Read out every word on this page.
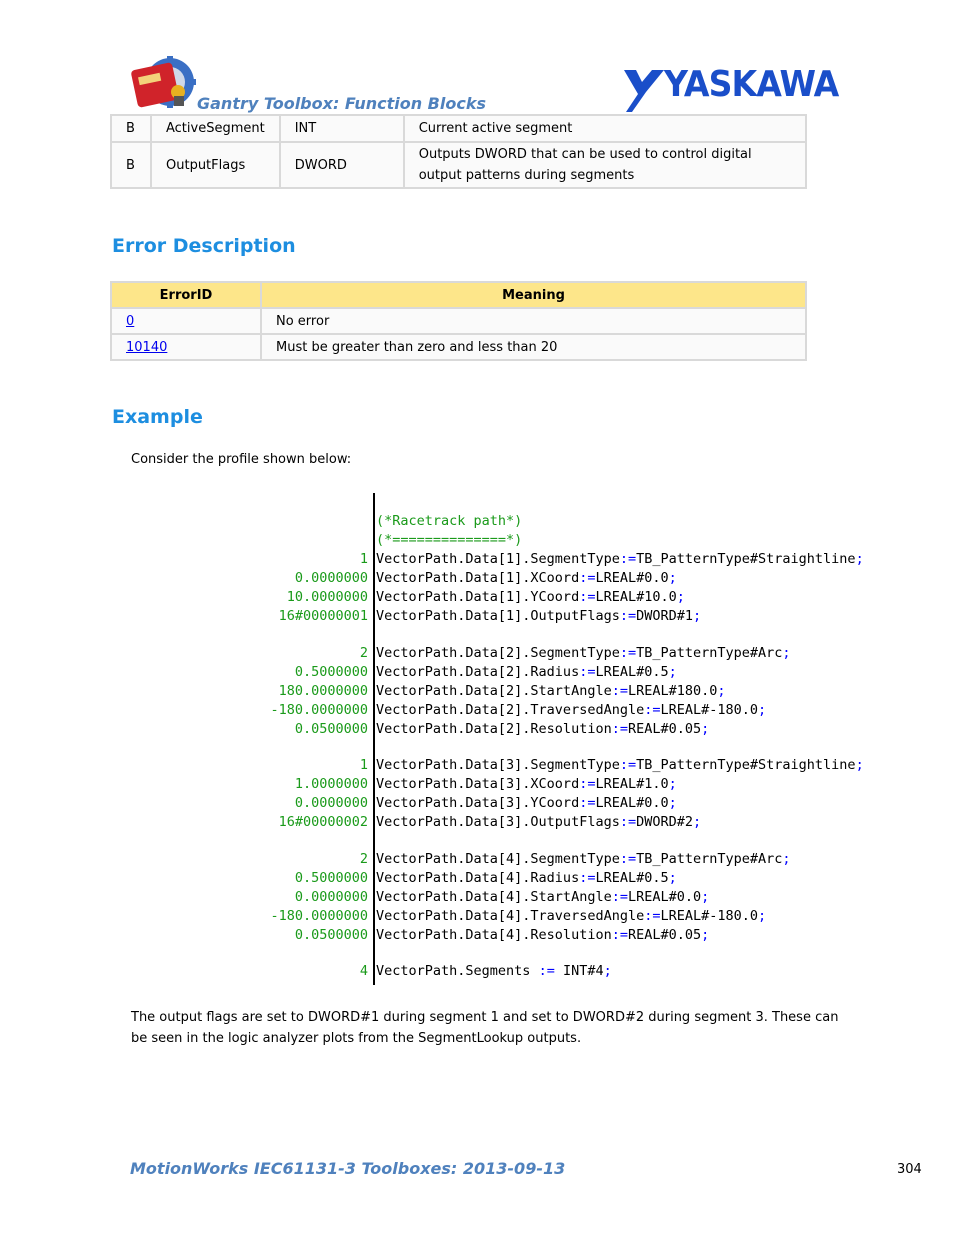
Gantry Toolbox: Function Blocks	YASKAWA
B	ActiveSegment	INT	Current active segment
B	OutputFlags	DWORD	Outputs DWORD that can be used to control digital output patterns during segments
Error Description
ErrorID	Meaning
0	No error
10140	Must be greater than zero and less than 20
Example
Consider the profile shown below:

(*Racetrack path*)

(*==============*)

1 VectorPath.Data[1].SegmentType:=TB_PatternType#Straightline;
0.0000000 VectorPath.Data[1].XCoord:=LREAL#0.0;
10.0000000 VectorPath.Data[1].YCoord:=LREAL#10.0;
16#00000001 VectorPath.Data[1].OutputFlags:=DWORD#1;
2 VectorPath.Data[2].SegmentType:=TB_PatternType#Arc;
0.5000000 VectorPath.Data[2].Radius:=LREAL#0.5;
180.0000000 VectorPath.Data[2].StartAngle:=LREAL#180.0;
-180.0000000 VectorPath.Data[2].TraversedAngle:=LREAL#-180.0;
0.0500000 VectorPath.Data[2].Resolution:=REAL#0.05;
1 VectorPath.Data[3].SegmentType:=TB_PatternType#Straightline;
1.0000000 VectorPath.Data[3].XCoord:=LREAL#1.0;
0.0000000 VectorPath.Data[3].YCoord:=LREAL#0.0;
16#00000002 VectorPath.Data[3].OutputFlags:=DWORD#2;
2 VectorPath.Data[4].SegmentType:=TB_PatternType#Arc;
0.5000000 VectorPath.Data[4].Radius:=LREAL#0.5;
0.0000000 VectorPath.Data[4].StartAngle:=LREAL#0.0;
-180.0000000 VectorPath.Data[4].TraversedAngle:=LREAL#-180.0;
0.0500000 VectorPath.Data[4].Resolution:=REAL#0.05;
4 VectorPath.Segments := INT#4;
The output flags are set to DWORD#1 during segment 1 and set to DWORD#2 during segment 3. These can be seen in the logic analyzer plots from the SegmentLookup outputs.
MotionWorks IEC61131-3 Toolboxes: 2013-09-13	304
